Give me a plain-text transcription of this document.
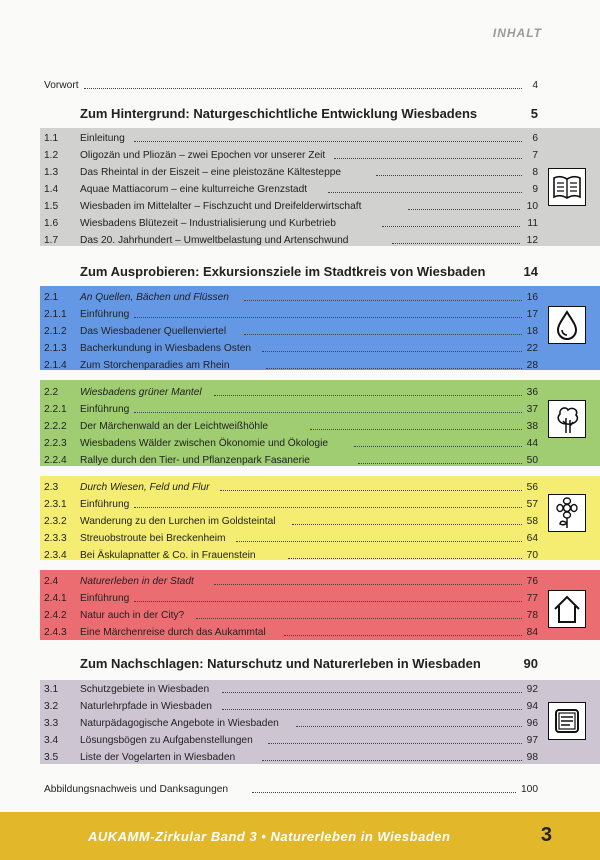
INHALT
Vorwort	4
Zum Hintergrund: Naturgeschichtliche Entwicklung Wiesbadens	5
1.1 Einleitung	6
1.2 Oligozän und Pliozän – zwei Epochen vor unserer Zeit	7
1.3 Das Rheintal in der Eiszeit – eine pleistozäne Kältesteppe	8
1.4 Aquae Mattiacorum – eine kulturreiche Grenzstadt	9
1.5 Wiesbaden im Mittelalter – Fischzucht und Dreifelderwirtschaft	10
1.6 Wiesbadens Blütezeit – Industrialisierung und Kurbetrieb	11
1.7 Das 20. Jahrhundert – Umweltbelastung und Artenschwund	12
Zum Ausprobieren: Exkursionsziele im Stadtkreis von Wiesbaden	14
2.1 An Quellen, Bächen und Flüssen	16
2.1.1 Einführung	17
2.1.2 Das Wiesbadener Quellenviertel	18
2.1.3 Bacherkundung in Wiesbadens Osten	22
2.1.4 Zum Storchenparadies am Rhein	28
2.2 Wiesbadens grüner Mantel	36
2.2.1 Einführung	37
2.2.2 Der Märchenwald an der Leichtweißhöhle	38
2.2.3 Wiesbadens Wälder zwischen Ökonomie und Ökologie	44
2.2.4 Rallye durch den Tier- und Pflanzenpark Fasanerie	50
2.3 Durch Wiesen, Feld und Flur	56
2.3.1 Einführung	57
2.3.2 Wanderung zu den Lurchen im Goldsteintal	58
2.3.3 Streuobstroute bei Breckenheim	64
2.3.4 Bei Äskulapnatter & Co. in Frauenstein	70
2.4 Naturerleben in der Stadt	76
2.4.1 Einführung	77
2.4.2 Natur auch in der City?	78
2.4.3 Eine Märchenreise durch das Aukammtal	84
Zum Nachschlagen: Naturschutz und Naturerleben in Wiesbaden	90
3.1 Schutzgebiete in Wiesbaden	92
3.2 Naturlehrpfade in Wiesbaden	94
3.3 Naturpädagogische Angebote in Wiesbaden	96
3.4 Lösungsbögen zu Aufgabenstellungen	97
3.5 Liste der Vogelarten in Wiesbaden	98
Abbildungsnachweis und Danksagungen	100
AUKAMM-Zirkular Band 3 • Naturerleben in Wiesbaden	3
